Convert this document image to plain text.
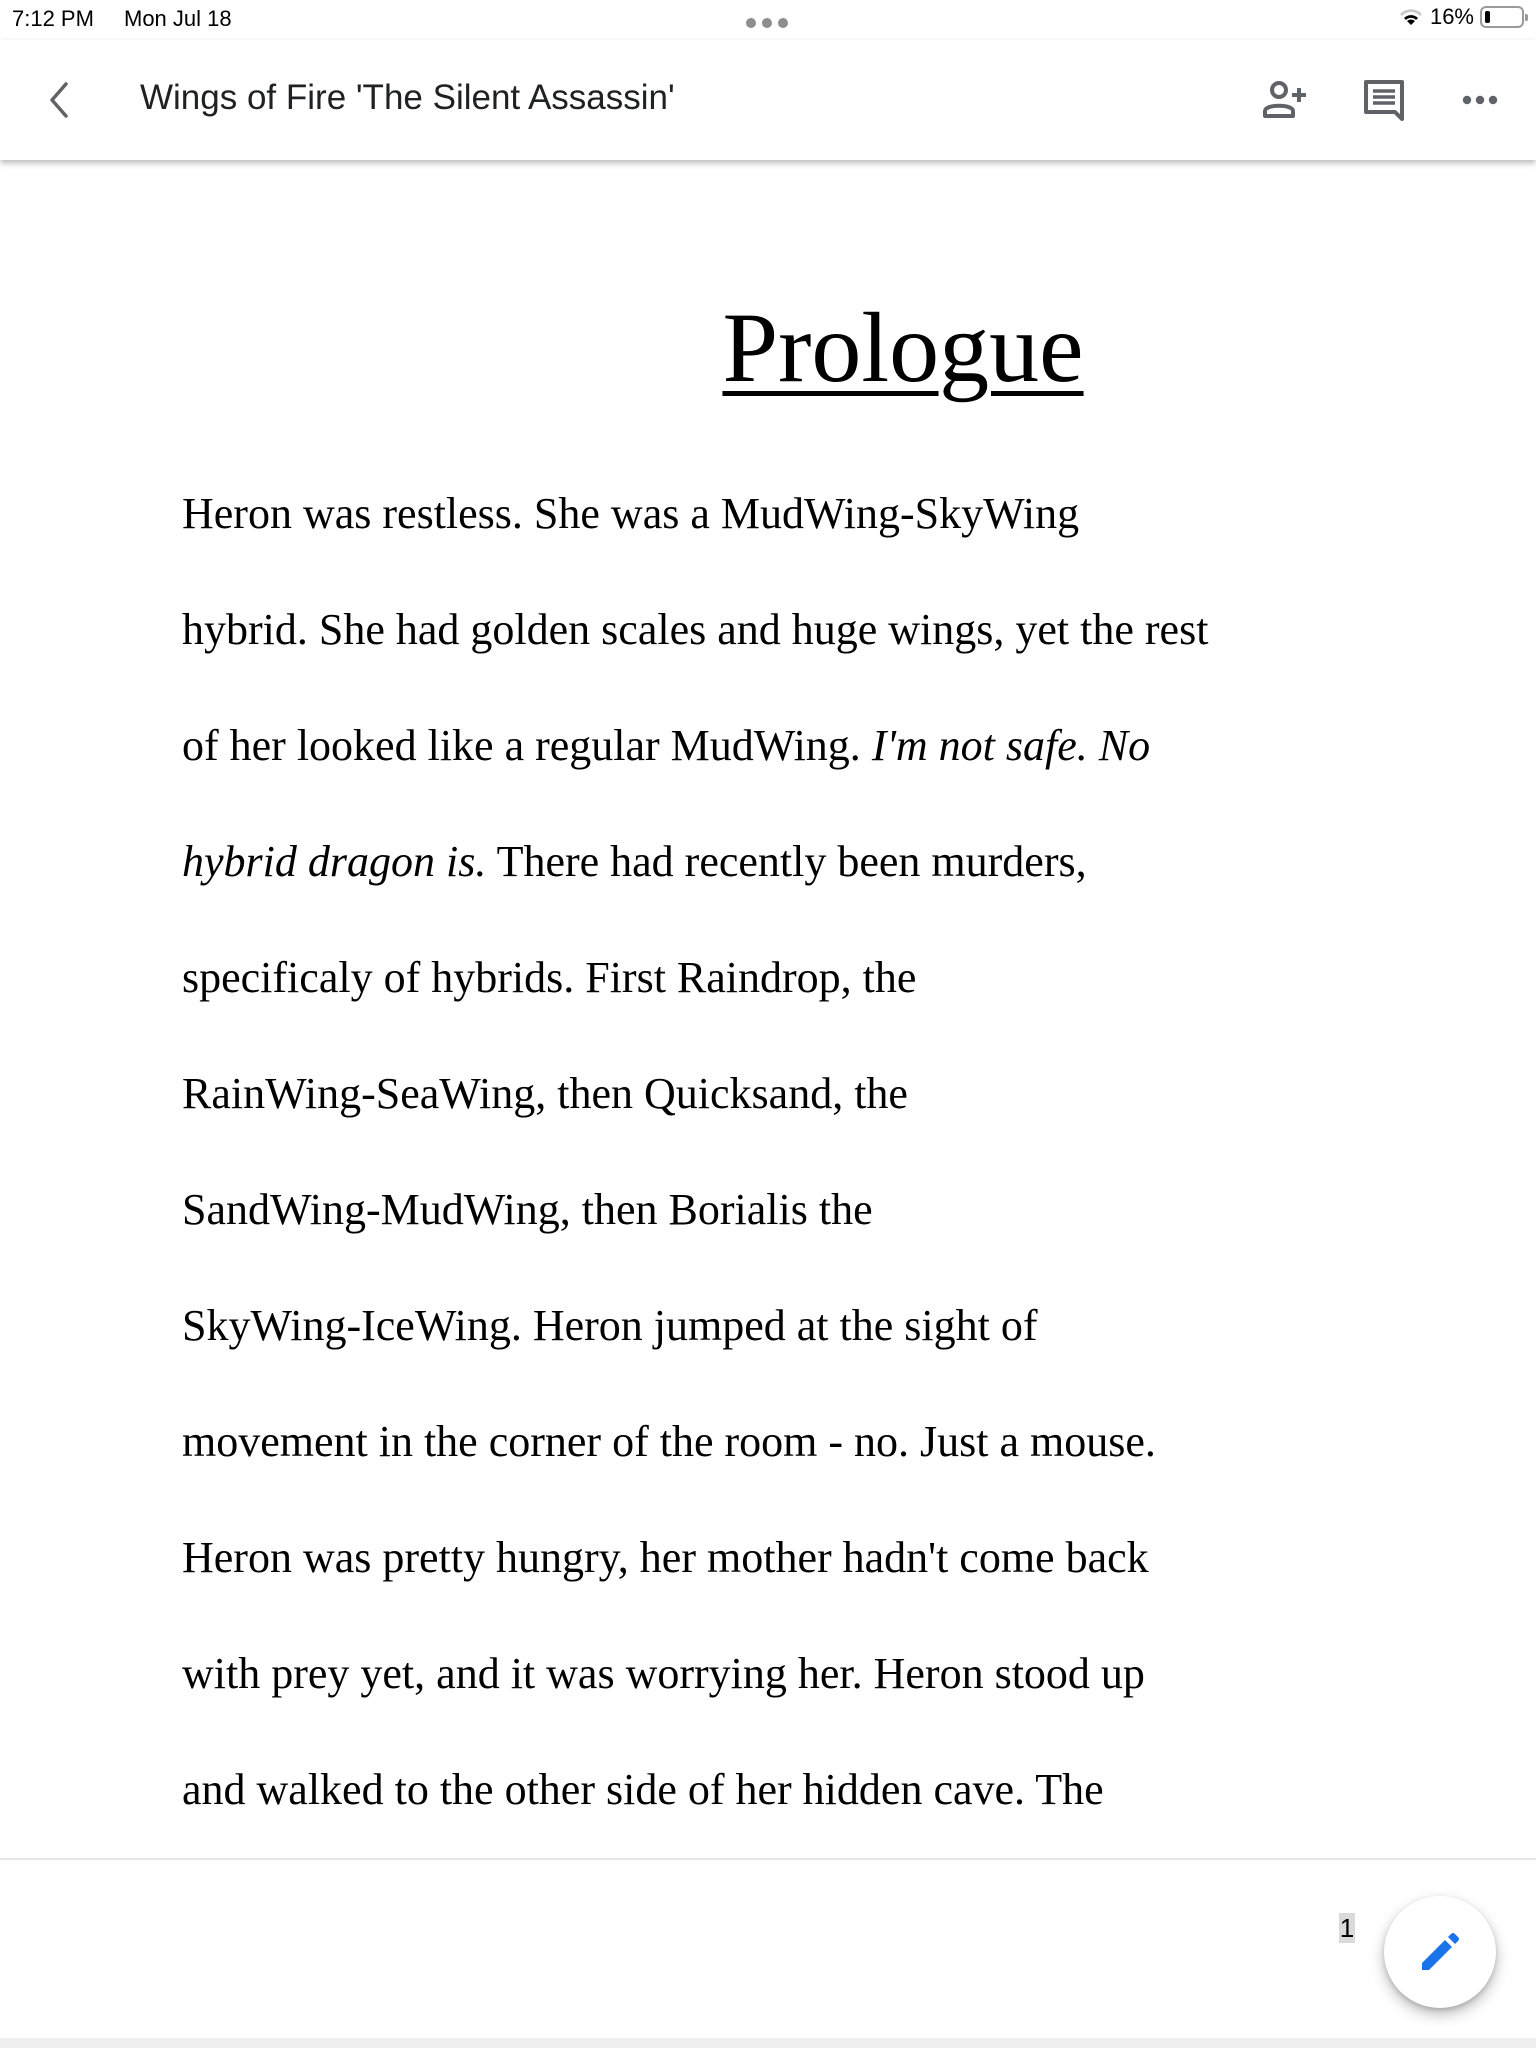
7:12 PM Mon Jul 18	16%
Wings of Fire 'The Silent Assassin'
Prologue
Heron was restless. She was a MudWing-SkyWing
hybrid. She had golden scales and huge wings, yet the rest
of her looked like a regular MudWing. I'm not safe. No
hybrid dragon is. There had recently been murders,
specificaly of hybrids. First Raindrop, the
RainWing-SeaWing, then Quicksand, the
SandWing-MudWing, then Borialis the
SkyWing-IceWing. Heron jumped at the sight of
movement in the corner of the room - no. Just a mouse.
Heron was pretty hungry, her mother hadn't come back
with prey yet, and it was worrying her. Heron stood up
and walked to the other side of her hidden cave. The
1
